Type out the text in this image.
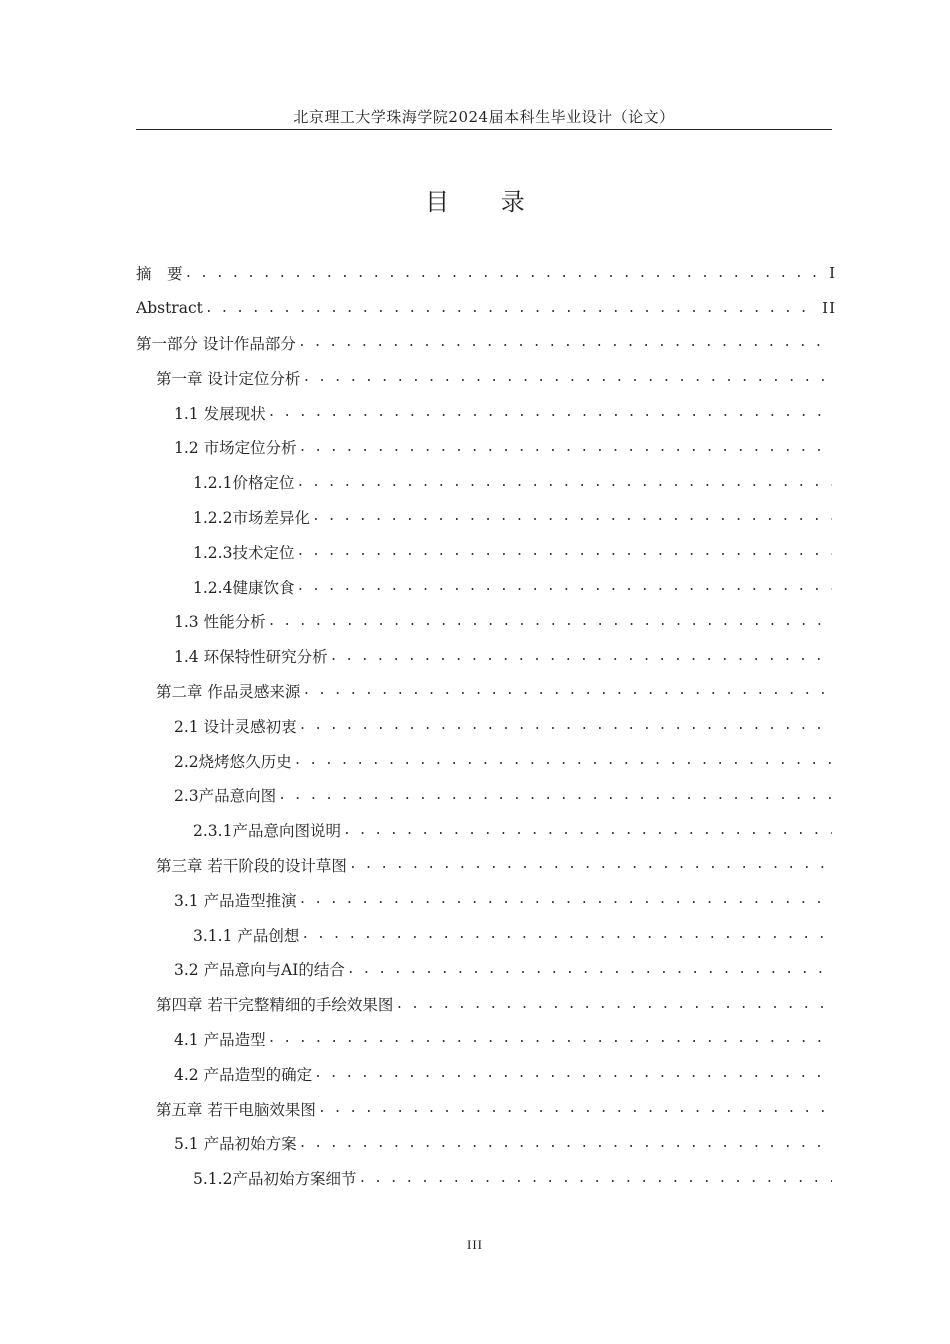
北京理工大学珠海学院2024届本科生毕业设计（论文）
目 录
摘　要 . . .	I
Abstract . . .	II
第一部分 设计作品部分
. . .
第一章 设计定位分析
. . .
1.1 发展现状
. . .
1.2 市场定位分析
. . .
1.2.1价格定位
. . .
1.2.2市场差异化
. . .
1.2.3技术定位
. . .
1.2.4健康饮食
. . .
1.3 性能分析
. . .
1.4 环保特性研究分析
. . .
第二章 作品灵感来源
. . .
2.1 设计灵感初衷
. . .
2.2烧烤悠久历史
. . .
2.3产品意向图
. . .
2.3.1产品意向图说明
. . .
第三章 若干阶段的设计草图
. . .
3.1 产品造型推演
. . .
3.1.1 产品创想
. . .
3.2 产品意向与AI的结合
. . .
第四章 若干完整精细的手绘效果图
. . .
4.1 产品造型
. . .
4.2 产品造型的确定
. . .
第五章 若干电脑效果图
. . .
5.1 产品初始方案
. . .
5.1.2产品初始方案细节
. . .
III
